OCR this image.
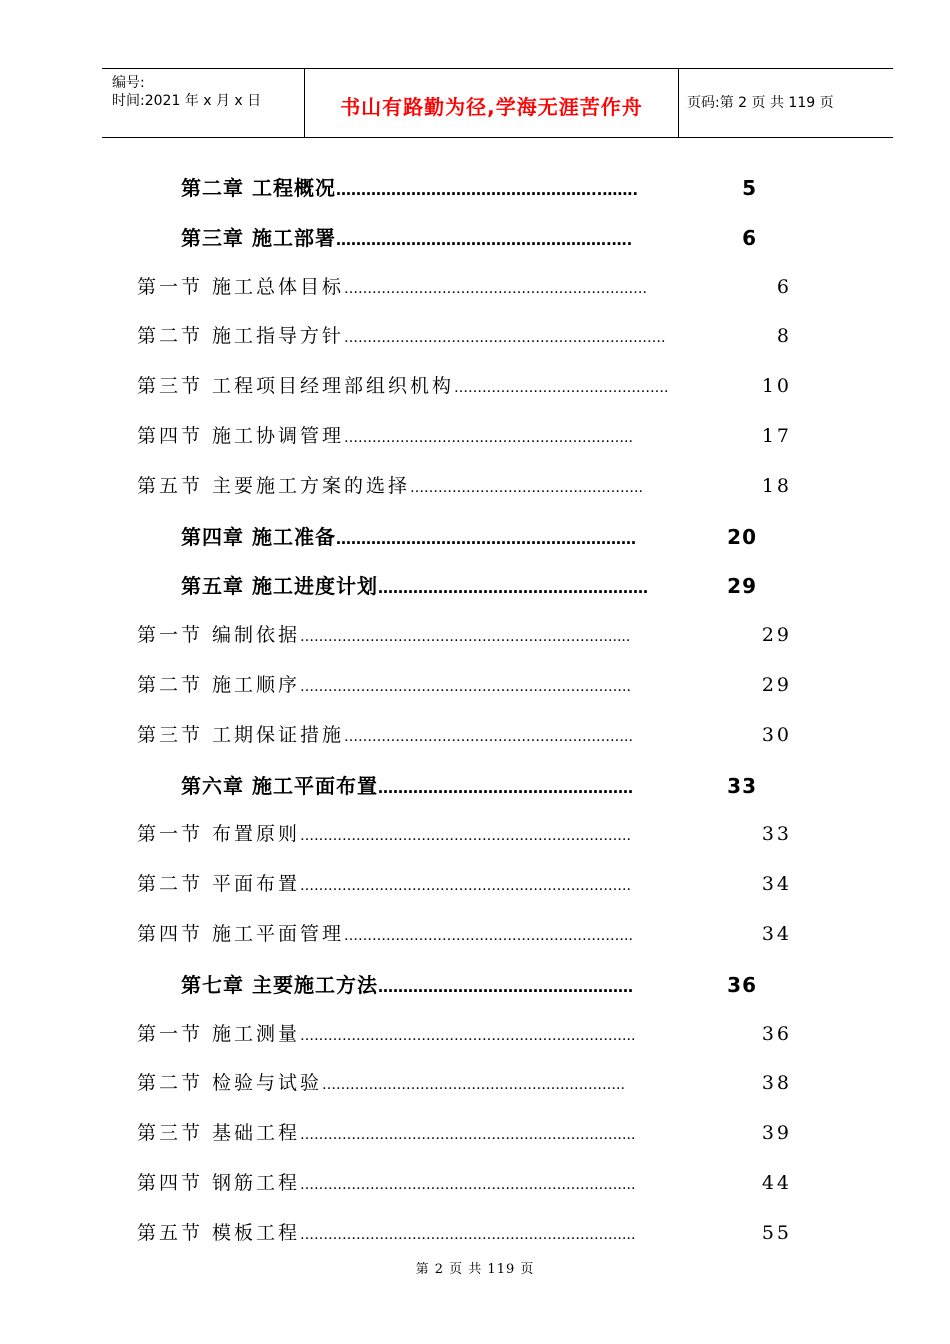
编号:
时间:2021 年 x 月 x 日	书山有路勤为径,学海无涯苦作舟	页码:第 2 页 共 119 页
第二章 工程概况 ……………………………………………..…….	5
第三章 施工部署 ……………………………………………….….	6
第一节 施工总体目标 …………………………………………………….….	6
第二节 施工指导方针 ……………………………………………………..…….	8
第三节 工程项目经理部组织机构 ……………………………………….	10
第四节 施工协调管理 ……………………………………………………..	17
第五节 主要施工方案的选择 …………………………………………..	18
第四章 施工准备 ……………………………………………………	20
第五章 施工进度计划 ………………………………………………	29
第一节 编制依据 ………………………………………………………….....	29
第二节 施工顺序 ……………………………………………………………..	29
第三节 工期保证措施 ……………………………………………………..	30
第六章 施工平面布置 ……………………………………………	33
第一节 布置原则 ……………………………………………………………..	33
第二节 平面布置 ……………………………………………………………..	34
第四节 施工平面管理 ……………………………………………………..	34
第七章 主要施工方法 ……………………………………………	36
第一节 施工测量 ……………………………………………………………...	36
第二节 检验与试验 ………………………………………………………..	38
第三节 基础工程 ……………………………………………………………...	39
第四节 钢筋工程 ……………………………………………………………...	44
第五节 模板工程 ……………………………………………………………...	55
第 2 页 共 119 页
